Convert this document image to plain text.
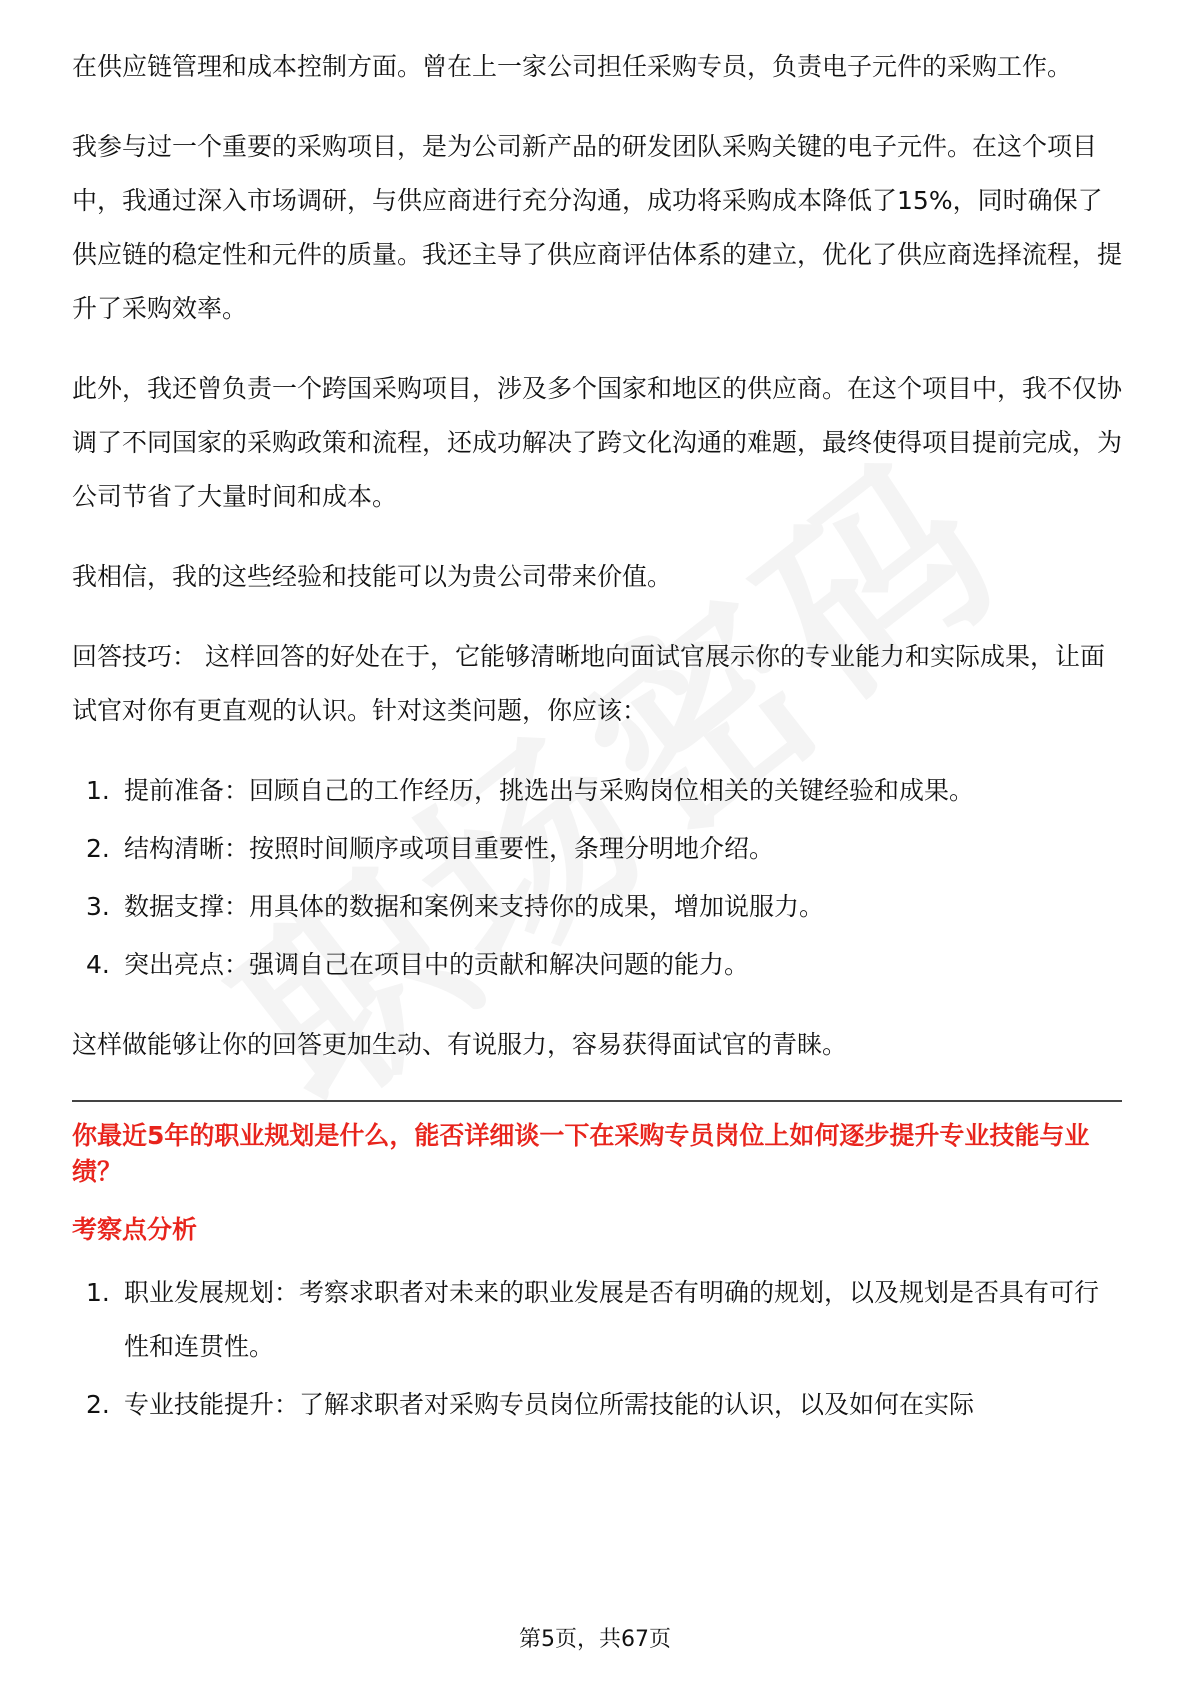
在供应链管理和成本控制方面。曾在上一家公司担任采购专员，负责电子元件的采购工作。

我参与过一个重要的采购项目，是为公司新产品的研发团队采购关键的电子元件。在这个项目中，我通过深入市场调研，与供应商进行充分沟通，成功将采购成本降低了15%，同时确保了供应链的稳定性和元件的质量。我还主导了供应商评估体系的建立，优化了供应商选择流程，提升了采购效率。

此外，我还曾负责一个跨国采购项目，涉及多个国家和地区的供应商。在这个项目中，我不仅协调了不同国家的采购政策和流程，还成功解决了跨文化沟通的难题，最终使得项目提前完成，为公司节省了大量时间和成本。

我相信，我的这些经验和技能可以为贵公司带来价值。

回答技巧： 这样回答的好处在于，它能够清晰地向面试官展示你的专业能力和实际成果，让面试官对你有更直观的认识。针对这类问题，你应该：

1. 提前准备：回顾自己的工作经历，挑选出与采购岗位相关的关键经验和成果。
2. 结构清晰：按照时间顺序或项目重要性，条理分明地介绍。
3. 数据支撑：用具体的数据和案例来支持你的成果，增加说服力。
4. 突出亮点：强调自己在项目中的贡献和解决问题的能力。

这样做能够让你的回答更加生动、有说服力，容易获得面试官的青睐。

你最近5年的职业规划是什么，能否详细谈一下在采购专员岗位上如何逐步提升专业技能与业绩？

考察点分析

1. 职业发展规划：考察求职者对未来的职业发展是否有明确的规划，以及规划是否具有可行性和连贯性。
2. 专业技能提升：了解求职者对采购专员岗位所需技能的认识，以及如何在实际
第5页，共67页
